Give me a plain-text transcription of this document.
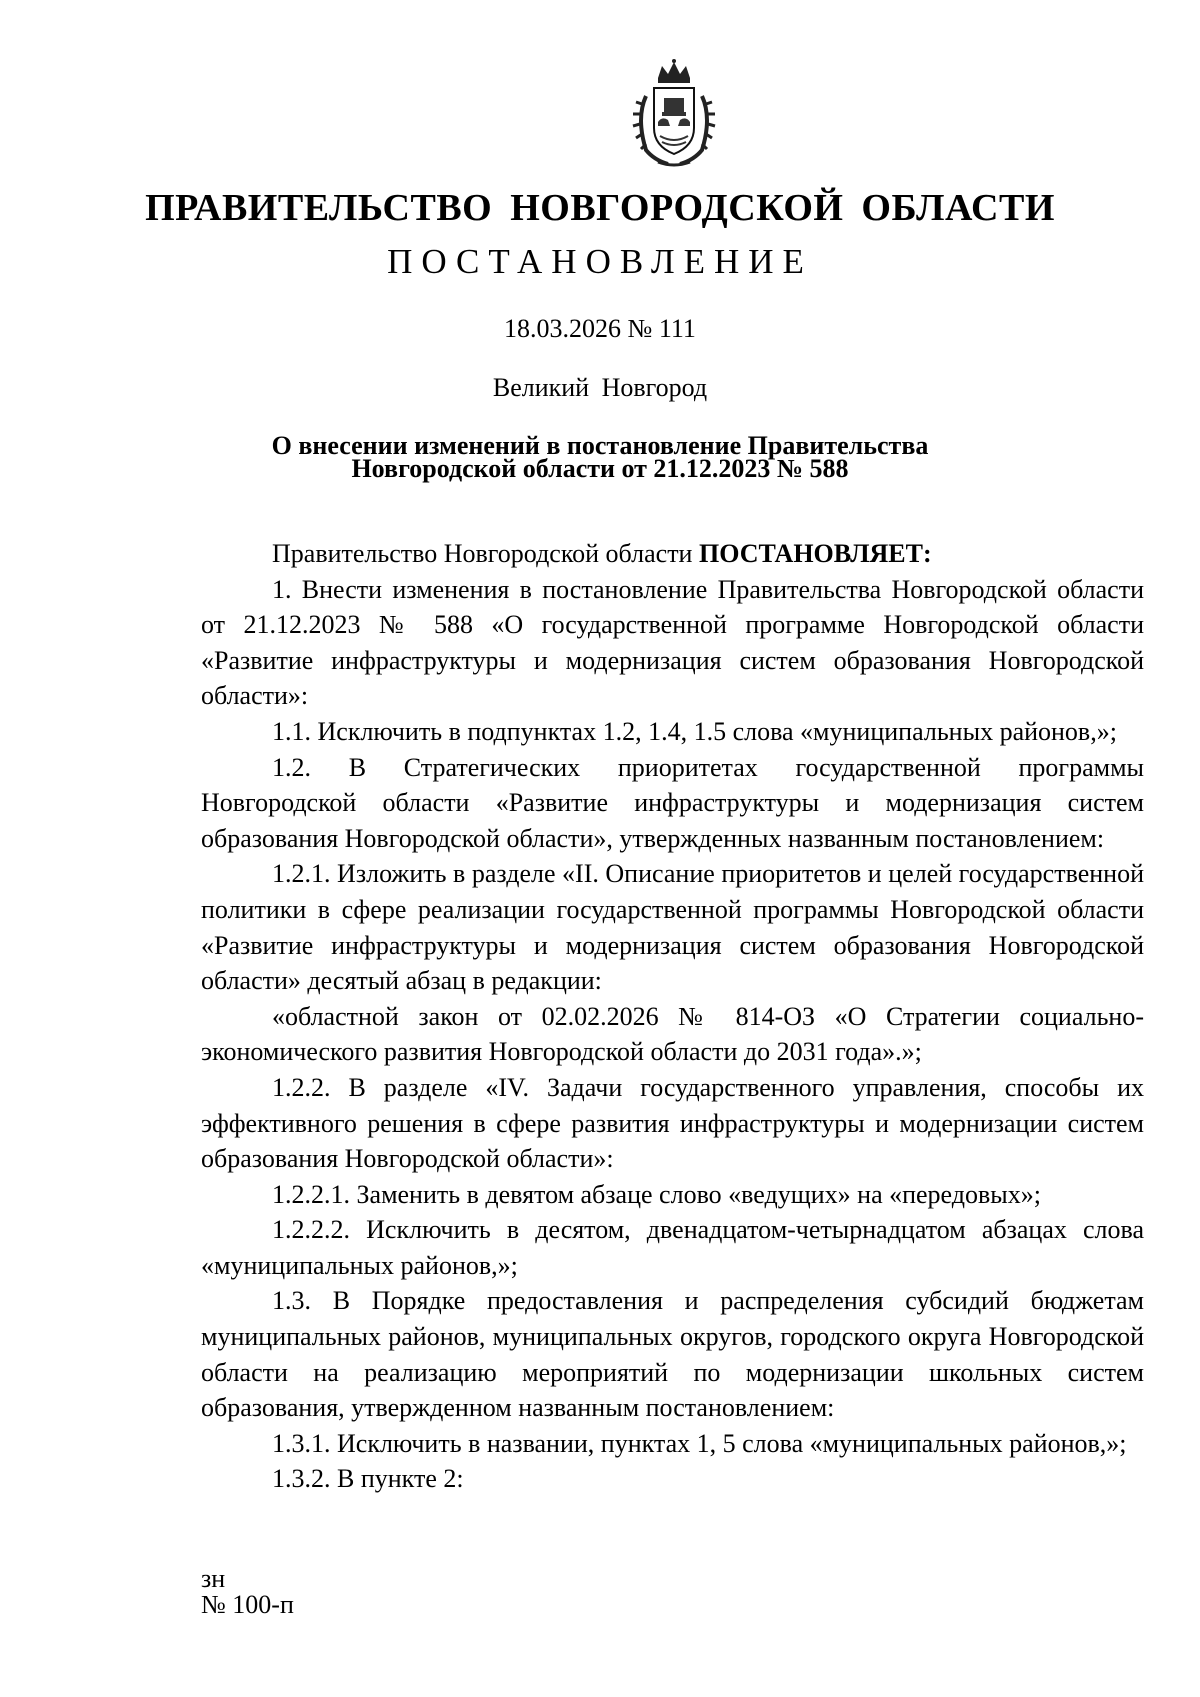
ПРАВИТЕЛЬСТВО НОВГОРОДСКОЙ ОБЛАСТИ
ПОСТАНОВЛЕНИЕ
18.03.2026 № 111
Великий Новгород
О внесении изменений в постановление Правительства
Новгородской области от 21.12.2023 № 588

Правительство Новгородской области ПОСТАНОВЛЯЕТ:

1. Внести изменения в постановление Правительства Новгородской области от 21.12.2023 № 588 «О государственной программе Новгородской области «Развитие инфраструктуры и модернизация систем образования Новгородской области»:

1.1. Исключить в подпунктах 1.2, 1.4, 1.5 слова «муниципальных районов,»;

1.2. В Стратегических приоритетах государственной программы Новгородской области «Развитие инфраструктуры и модернизация систем образования Новгородской области», утвержденных названным постановлением:

1.2.1. Изложить в разделе «II. Описание приоритетов и целей государственной политики в сфере реализации государственной программы Новгородской области «Развитие инфраструктуры и модернизация систем образования Новгородской области» десятый абзац в редакции:

«областной закон от 02.02.2026 № 814-ОЗ «О Стратегии социально-экономического развития Новгородской области до 2031 года».»;

1.2.2. В разделе «IV. Задачи государственного управления, способы их эффективного решения в сфере развития инфраструктуры и модернизации систем образования Новгородской области»:

1.2.2.1. Заменить в девятом абзаце слово «ведущих» на «передовых»;

1.2.2.2. Исключить в десятом, двенадцатом-четырнадцатом абзацах слова «муниципальных районов,»;

1.3. В Порядке предоставления и распределения субсидий бюджетам муниципальных районов, муниципальных округов, городского округа Новгородской области на реализацию мероприятий по модернизации школьных систем образования, утвержденном названным постановлением:

1.3.1. Исключить в названии, пунктах 1, 5 слова «муниципальных районов,»;

1.3.2. В пункте 2:

зн
№ 100-п
